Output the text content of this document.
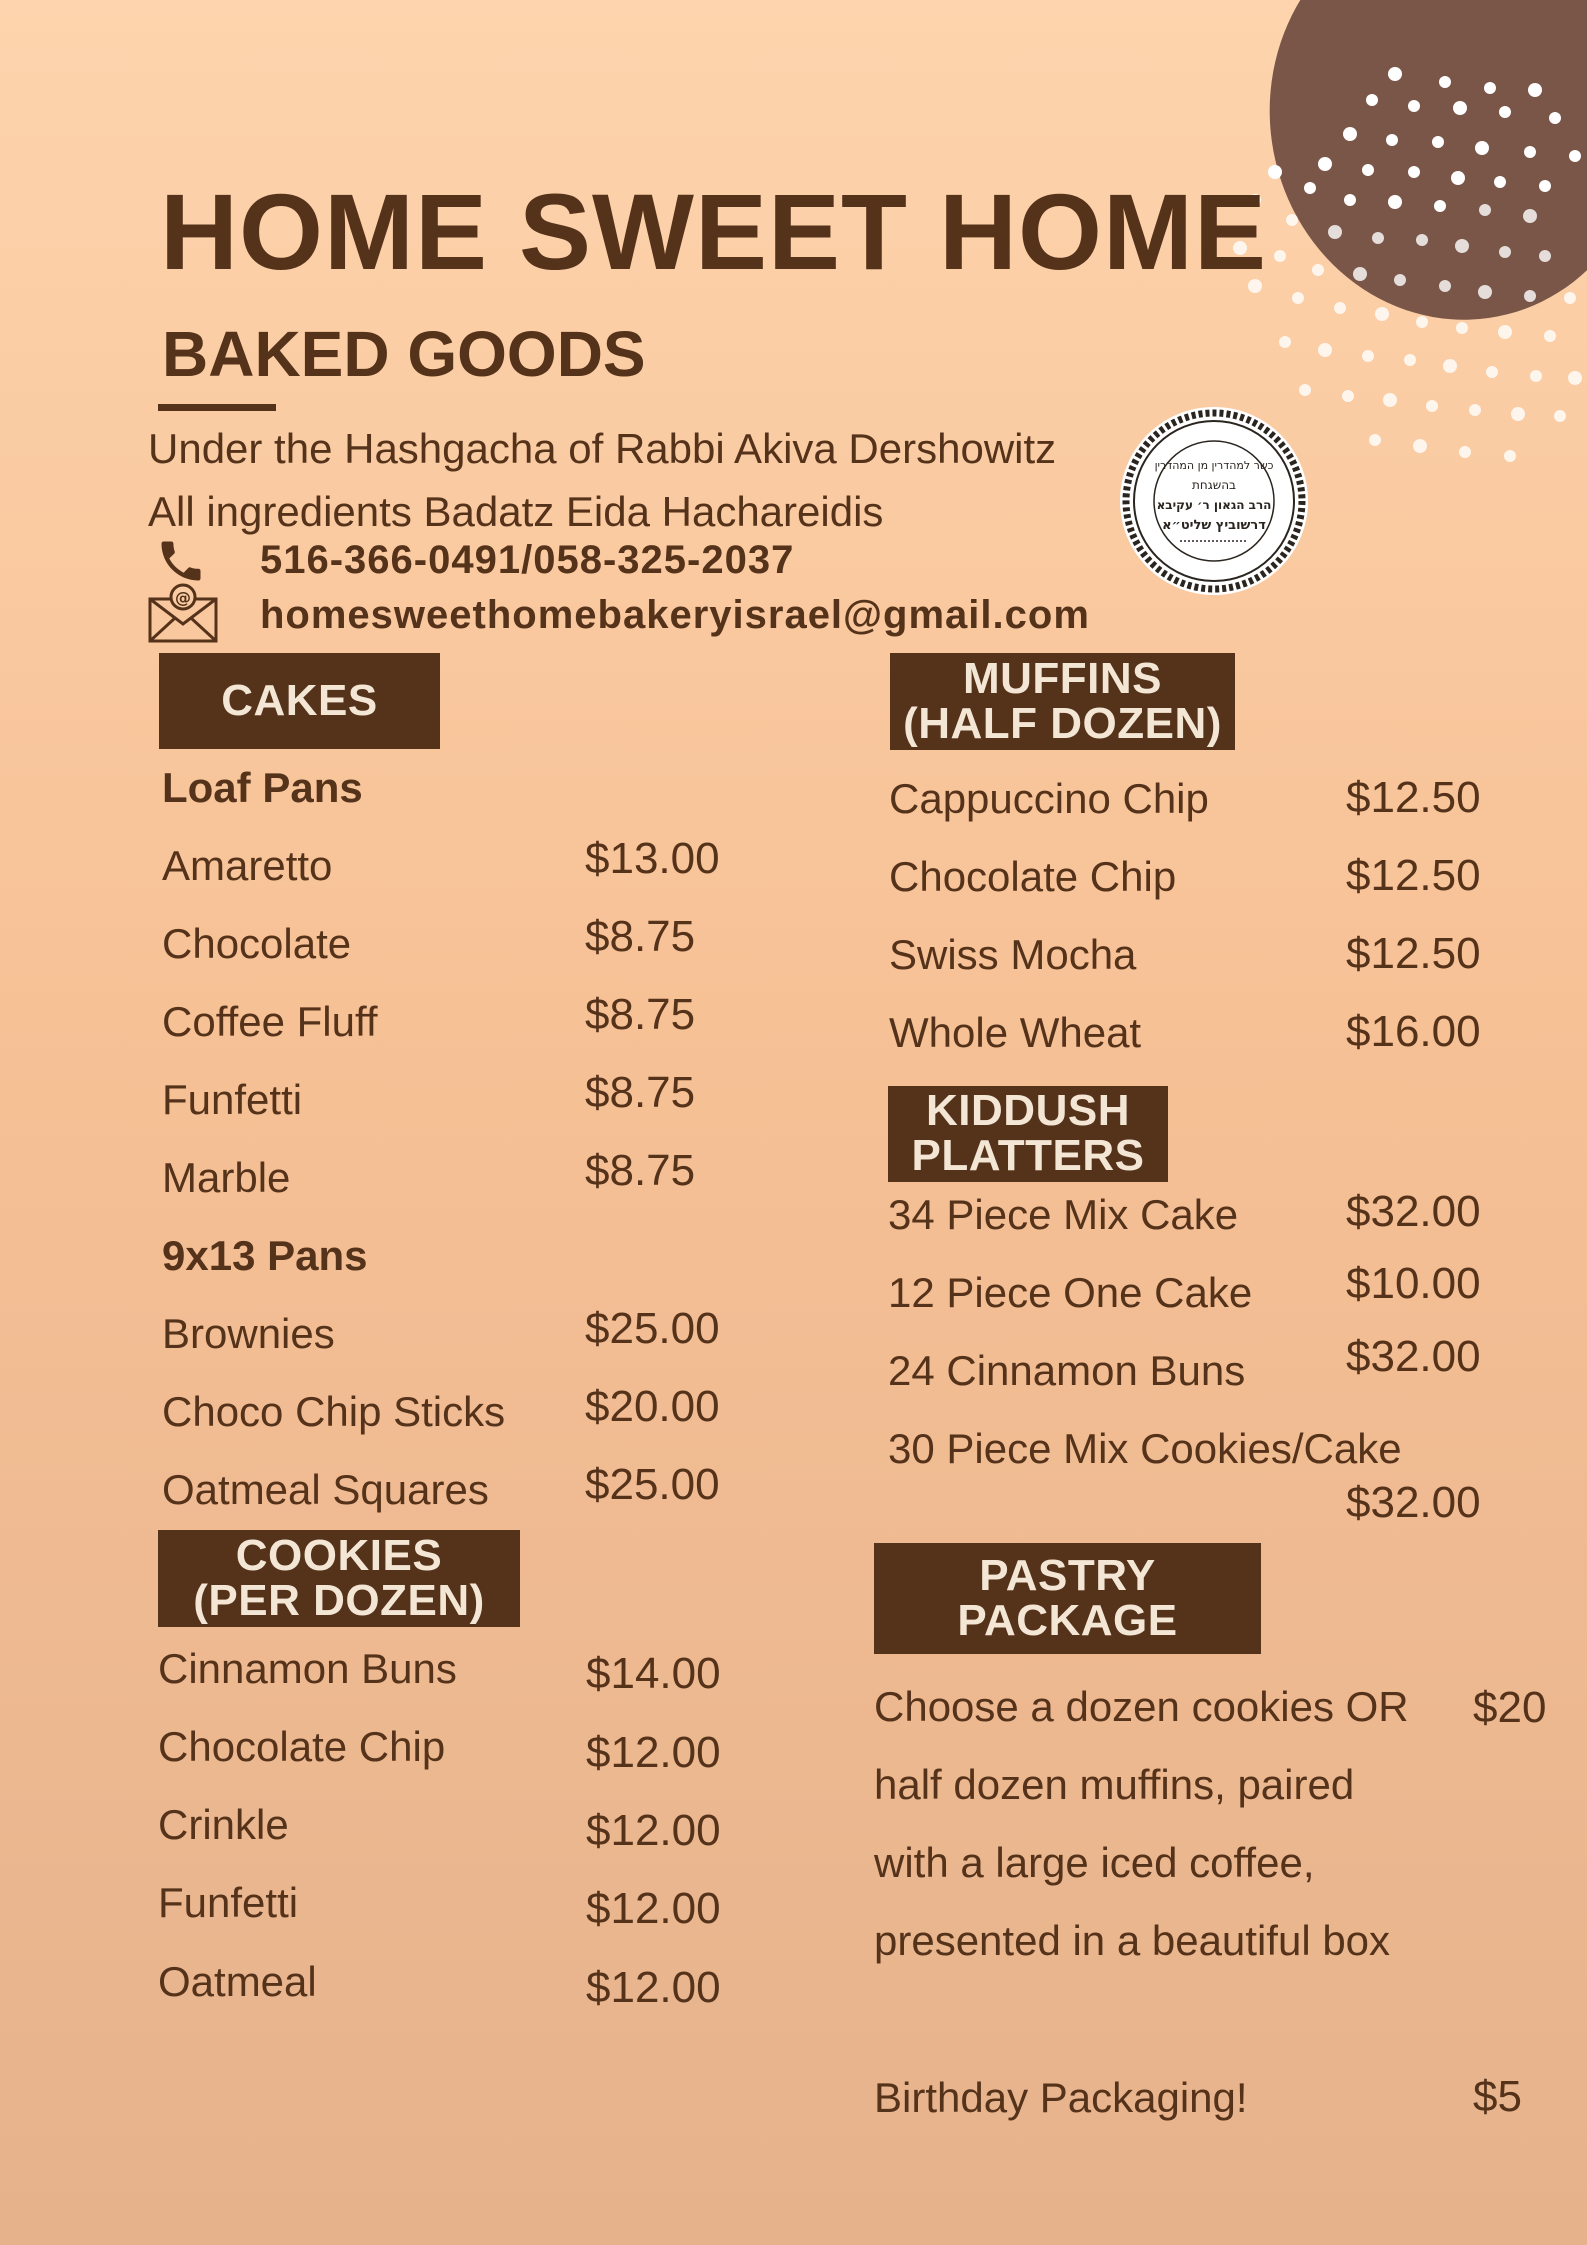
HOME SWEET HOME
BAKED GOODS
Under the Hashgacha of Rabbi Akiva Dershowitz
All ingredients Badatz Eida Hachareidis
516-366-0491/058-325-2037
@ homesweethomebakeryisrael@gmail.com
כשר למהדרין מן המהדרין
בהשגחת
הרב הגאון ר׳ עקיבא
דרשוביץ שליט״א
CAKES
Loaf Pans
Amaretto	$13.00
Chocolate	$8.75
Coffee Fluff	$8.75
Funfetti	$8.75
Marble	$8.75
9x13 Pans
Brownies	$25.00
Choco Chip Sticks $20.00
Oatmeal Squares $25.00
COOKIES
(PER DOZEN)
Cinnamon Buns	$14.00
Chocolate Chip	$12.00
Crinkle	$12.00
Funfetti	$12.00
Oatmeal	$12.00
MUFFINS
(HALF DOZEN)
Cappuccino Chip	$12.50
Chocolate Chip	$12.50
Swiss Mocha	$12.50
Whole Wheat	$16.00
KIDDUSH
PLATTERS
34 Piece Mix Cake $32.00
12 Piece One Cake $10.00
24 Cinnamon Buns $32.00
30 Piece Mix Cookies/Cake
$32.00
PASTRY
PACKAGE
Choose a dozen cookies OR
half dozen muffins, paired
with a large iced coffee,
presented in a beautiful box
$20
Birthday Packaging!	$5
